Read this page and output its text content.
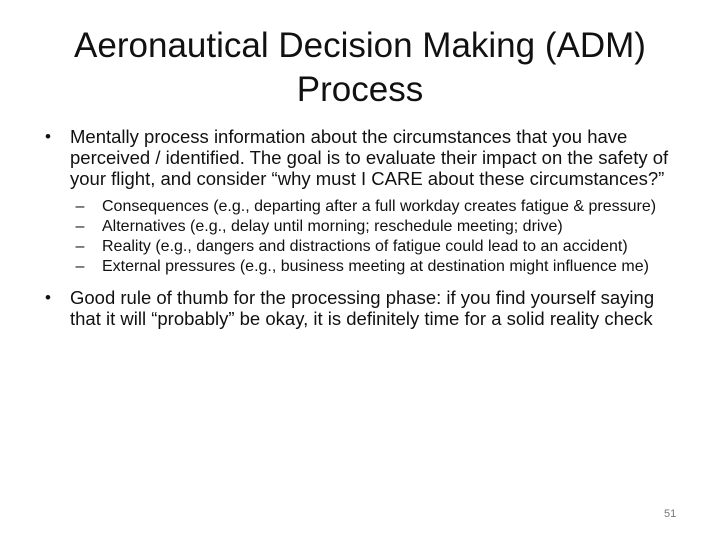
Aeronautical Decision Making (ADM)
Process
•	Mentally process information about the circumstances that you have perceived / identified. The goal is to evaluate their impact on the safety of your flight, and consider “why must I CARE about these circumstances?”
–	Consequences (e.g., departing after a full workday creates fatigue & pressure)
–	Alternatives (e.g., delay until morning; reschedule meeting; drive)
–	Reality (e.g., dangers and distractions of fatigue could lead to an accident)
–	External pressures (e.g., business meeting at destination might influence me)
•	Good rule of thumb for the processing phase: if you find yourself saying that it will “probably” be okay, it is definitely time for a solid reality check
51
